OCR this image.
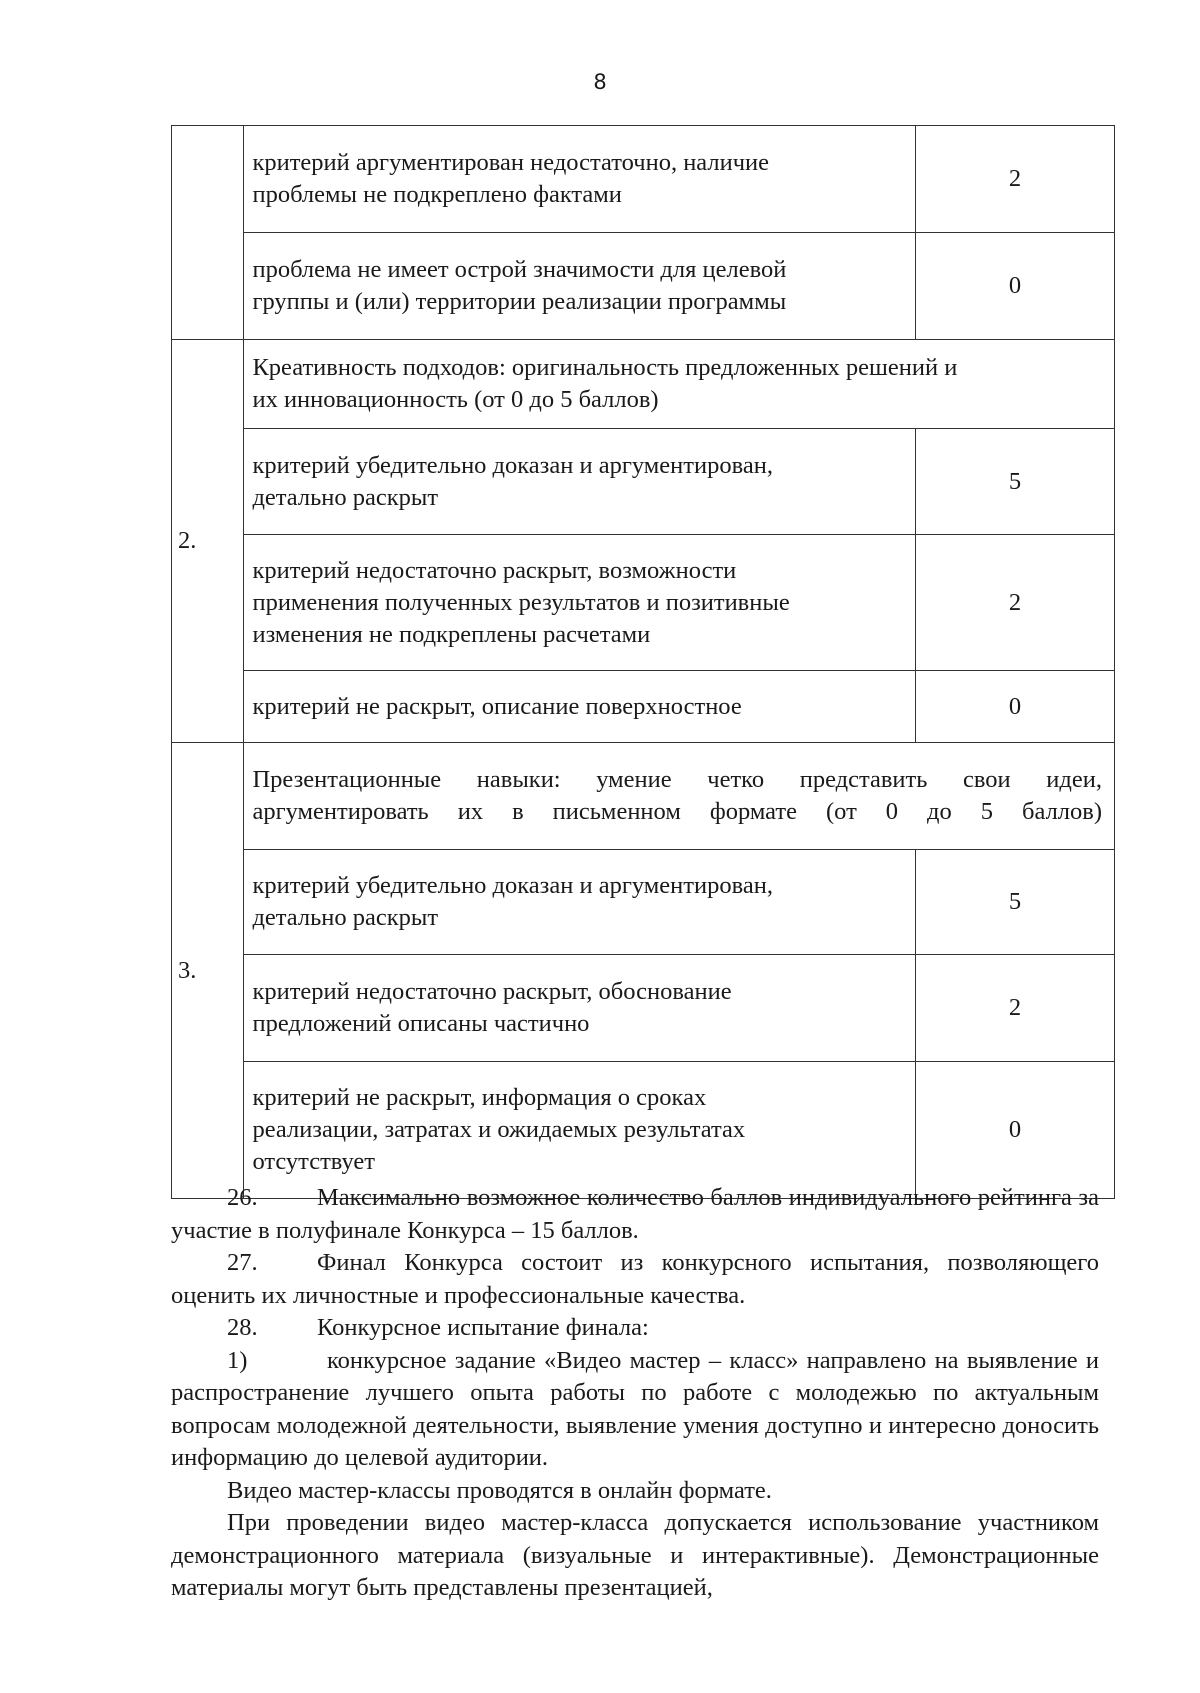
8
	критерий аргументирован недостаточно, наличие
проблемы не подкреплено фактами	2
	проблема не имеет острой значимости для целевой
группы и (или) территории реализации программы	0
2.	Креативность подходов: оригинальность предложенных решений и
их инновационность (от 0 до 5 баллов)	
	критерий убедительно доказан и аргументирован,
детально раскрыт	5
	критерий недостаточно раскрыт, возможности
применения полученных результатов и позитивные
изменения не подкреплены расчетами	2
	критерий не раскрыт, описание поверхностное	0
3.	Презентационные навыки: умение четко представить свои идеи,
аргументировать их в письменном формате (от 0 до 5 баллов)	
	критерий убедительно доказан и аргументирован,
детально раскрыт	5
	критерий недостаточно раскрыт, обоснование
предложений описаны частично	2
	критерий не раскрыт, информация о сроках
реализации, затратах и ожидаемых результатах
отсутствует	0

26. Максимально возможное количество баллов индивидуального рейтинга за участие в полуфинале Конкурса – 15 баллов.

27. Финал Конкурса состоит из конкурсного испытания, позволяющего оценить их личностные и профессиональные качества.

28. Конкурсное испытание финала:

1)	конкурсное задание «Видео мастер – класс» направлено на выявление и распространение лучшего опыта работы по работе с молодежью по актуальным вопросам молодежной деятельности, выявление умения доступно и интересно доносить информацию до целевой аудитории.

Видео мастер-классы проводятся в онлайн формате.

При проведении видео мастер-класса допускается использование участником демонстрационного материала (визуальные и интерактивные). Демонстрационные материалы могут быть представлены презентацией,
